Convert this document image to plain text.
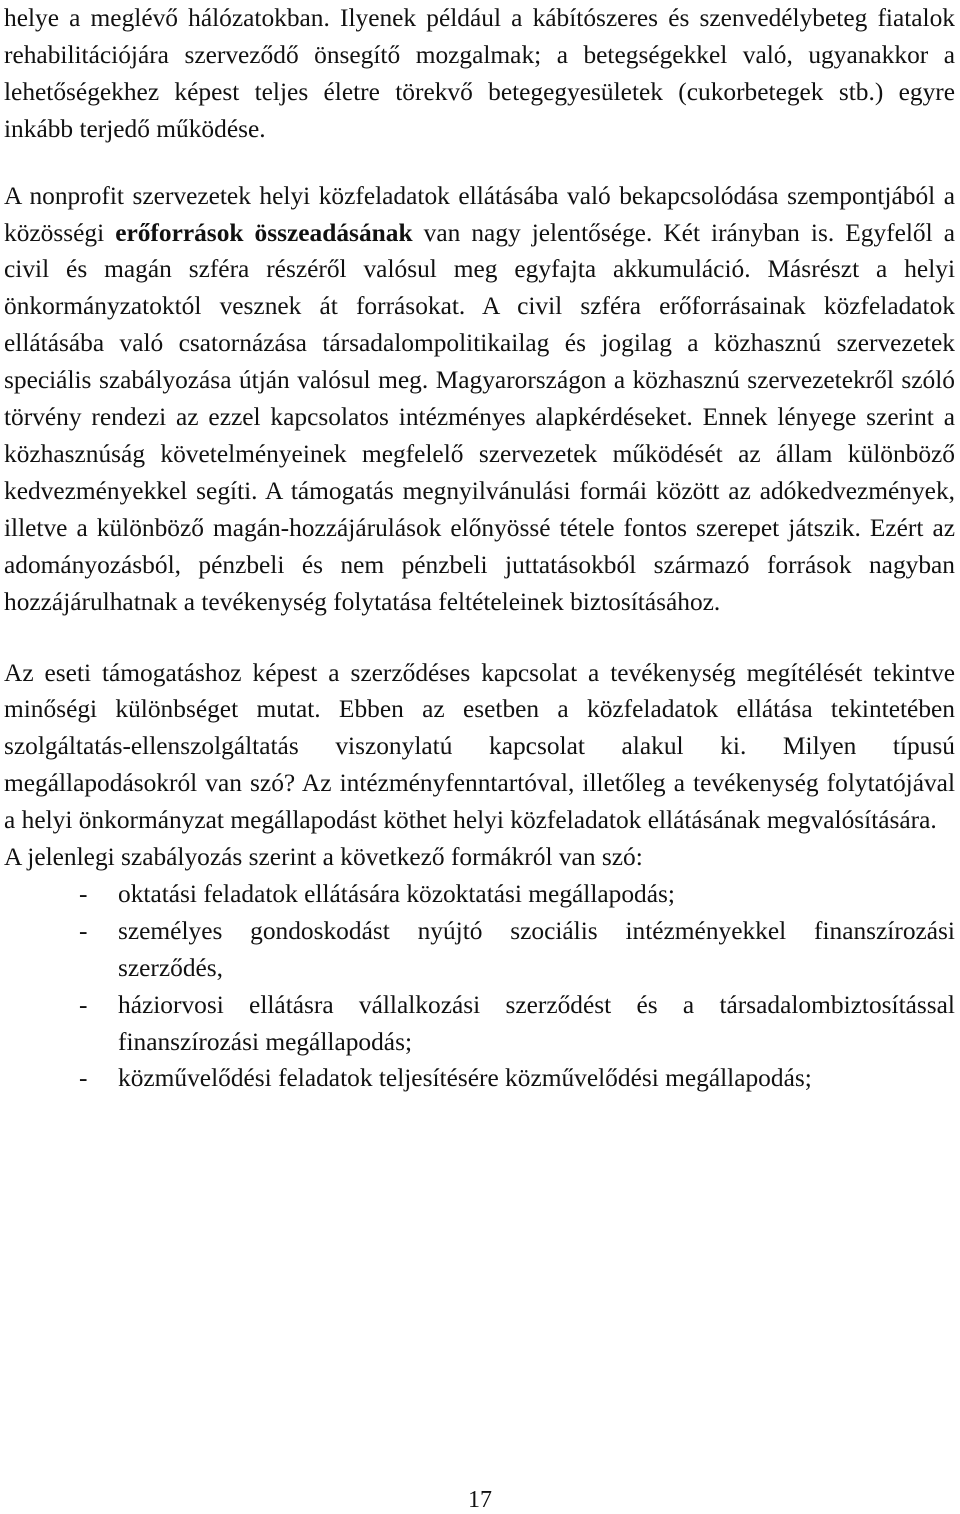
helye a meglévő hálózatokban. Ilyenek például a kábítószeres és szenvedélybeteg fiatalok rehabilitációjára szerveződő önsegítő mozgalmak; a betegségekkel való, ugyanakkor a lehetőségekhez képest teljes életre törekvő betegegyesületek (cukorbetegek stb.) egyre inkább terjedő működése.

A nonprofit szervezetek helyi közfeladatok ellátásába való bekapcsolódása szempontjából a közösségi erőforrások összeadásának van nagy jelentősége. Két irányban is. Egyfelől a civil és magán szféra részéről valósul meg egyfajta akkumuláció. Másrészt a helyi önkormányzatoktól vesznek át forrásokat. A civil szféra erőforrásainak közfeladatok ellátásába való csatornázása társadalompolitikailag és jogilag a közhasznú szervezetek speciális szabályozása útján valósul meg. Magyarországon a közhasznú szervezetekről szóló törvény rendezi az ezzel kapcsolatos intézményes alapkérdéseket. Ennek lényege szerint a közhasznúság követelményeinek megfelelő szervezetek működését az állam különböző kedvezményekkel segíti. A támogatás megnyilvánulási formái között az adókedvezmények, illetve a különböző magán-hozzájárulások előnyössé tétele fontos szerepet játszik. Ezért az adományozásból, pénzbeli és nem pénzbeli juttatásokból származó források nagyban hozzájárulhatnak a tevékenység folytatása feltételeinek biztosításához.

Az eseti támogatáshoz képest a szerződéses kapcsolat a tevékenység megítélését tekintve minőségi különbséget mutat. Ebben az esetben a közfeladatok ellátása tekintetében szolgáltatás-ellenszolgáltatás viszonylatú kapcsolat alakul ki. Milyen típusú megállapodásokról van szó? Az intézményfenntartóval, illetőleg a tevékenység folytatójával a helyi önkormányzat megállapodást köthet helyi közfeladatok ellátásának megvalósítására.

A jelenlegi szabályozás szerint a következő formákról van szó:

- oktatási feladatok ellátására közoktatási megállapodás;
- személyes gondoskodást nyújtó szociális intézményekkel finanszírozási szerződés,
- háziorvosi ellátásra vállalkozási szerződést és a társadalombiztosítással finanszírozási megállapodás;
- közművelődési feladatok teljesítésére közművelődési megállapodás;
17
